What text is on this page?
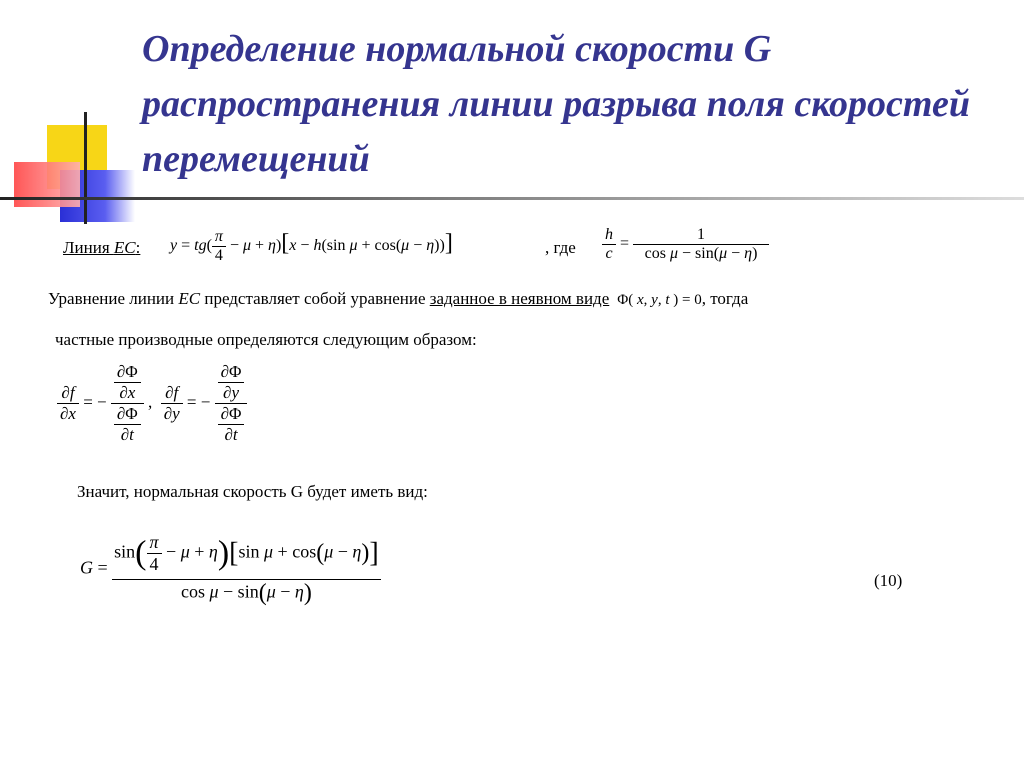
Определение нормальной скорости G распространения линии разрыва поля скоростей перемещений
Линия EC: $y = tg( \frac{\pi}{4} - \mu + \eta)[x - h(\sin$ μ + cos(μ − η))]	, где $\frac{h}{c} = \frac{1}{\text{cos μ − sin(μ − η)}}$
Уравнение линии EC представляет собой уравнение заданное в неявном виде  Φ( x, y, t ) = 0, тогда
частные производные определяются следующим образом:
$\frac{\partial f}{\partial x}$ = − $\frac{\frac{\partial\Phi}{\partial x}}{\frac{\partial\Phi}{\partial t}}$ , $\frac{\partial f}{\partial y}$ = − $\frac{\frac{\partial\Phi}{\partial y}}{\frac{\partial\Phi}{\partial t}}$
Значит, нормальная скорость G будет иметь вид:
$G = \frac{\sin( \frac{\pi}{4} - \mu + \eta)[\sin \mu + \cos(\mu - \eta)]}{\text{cos μ − sin(μ − η)}}$	(10)
